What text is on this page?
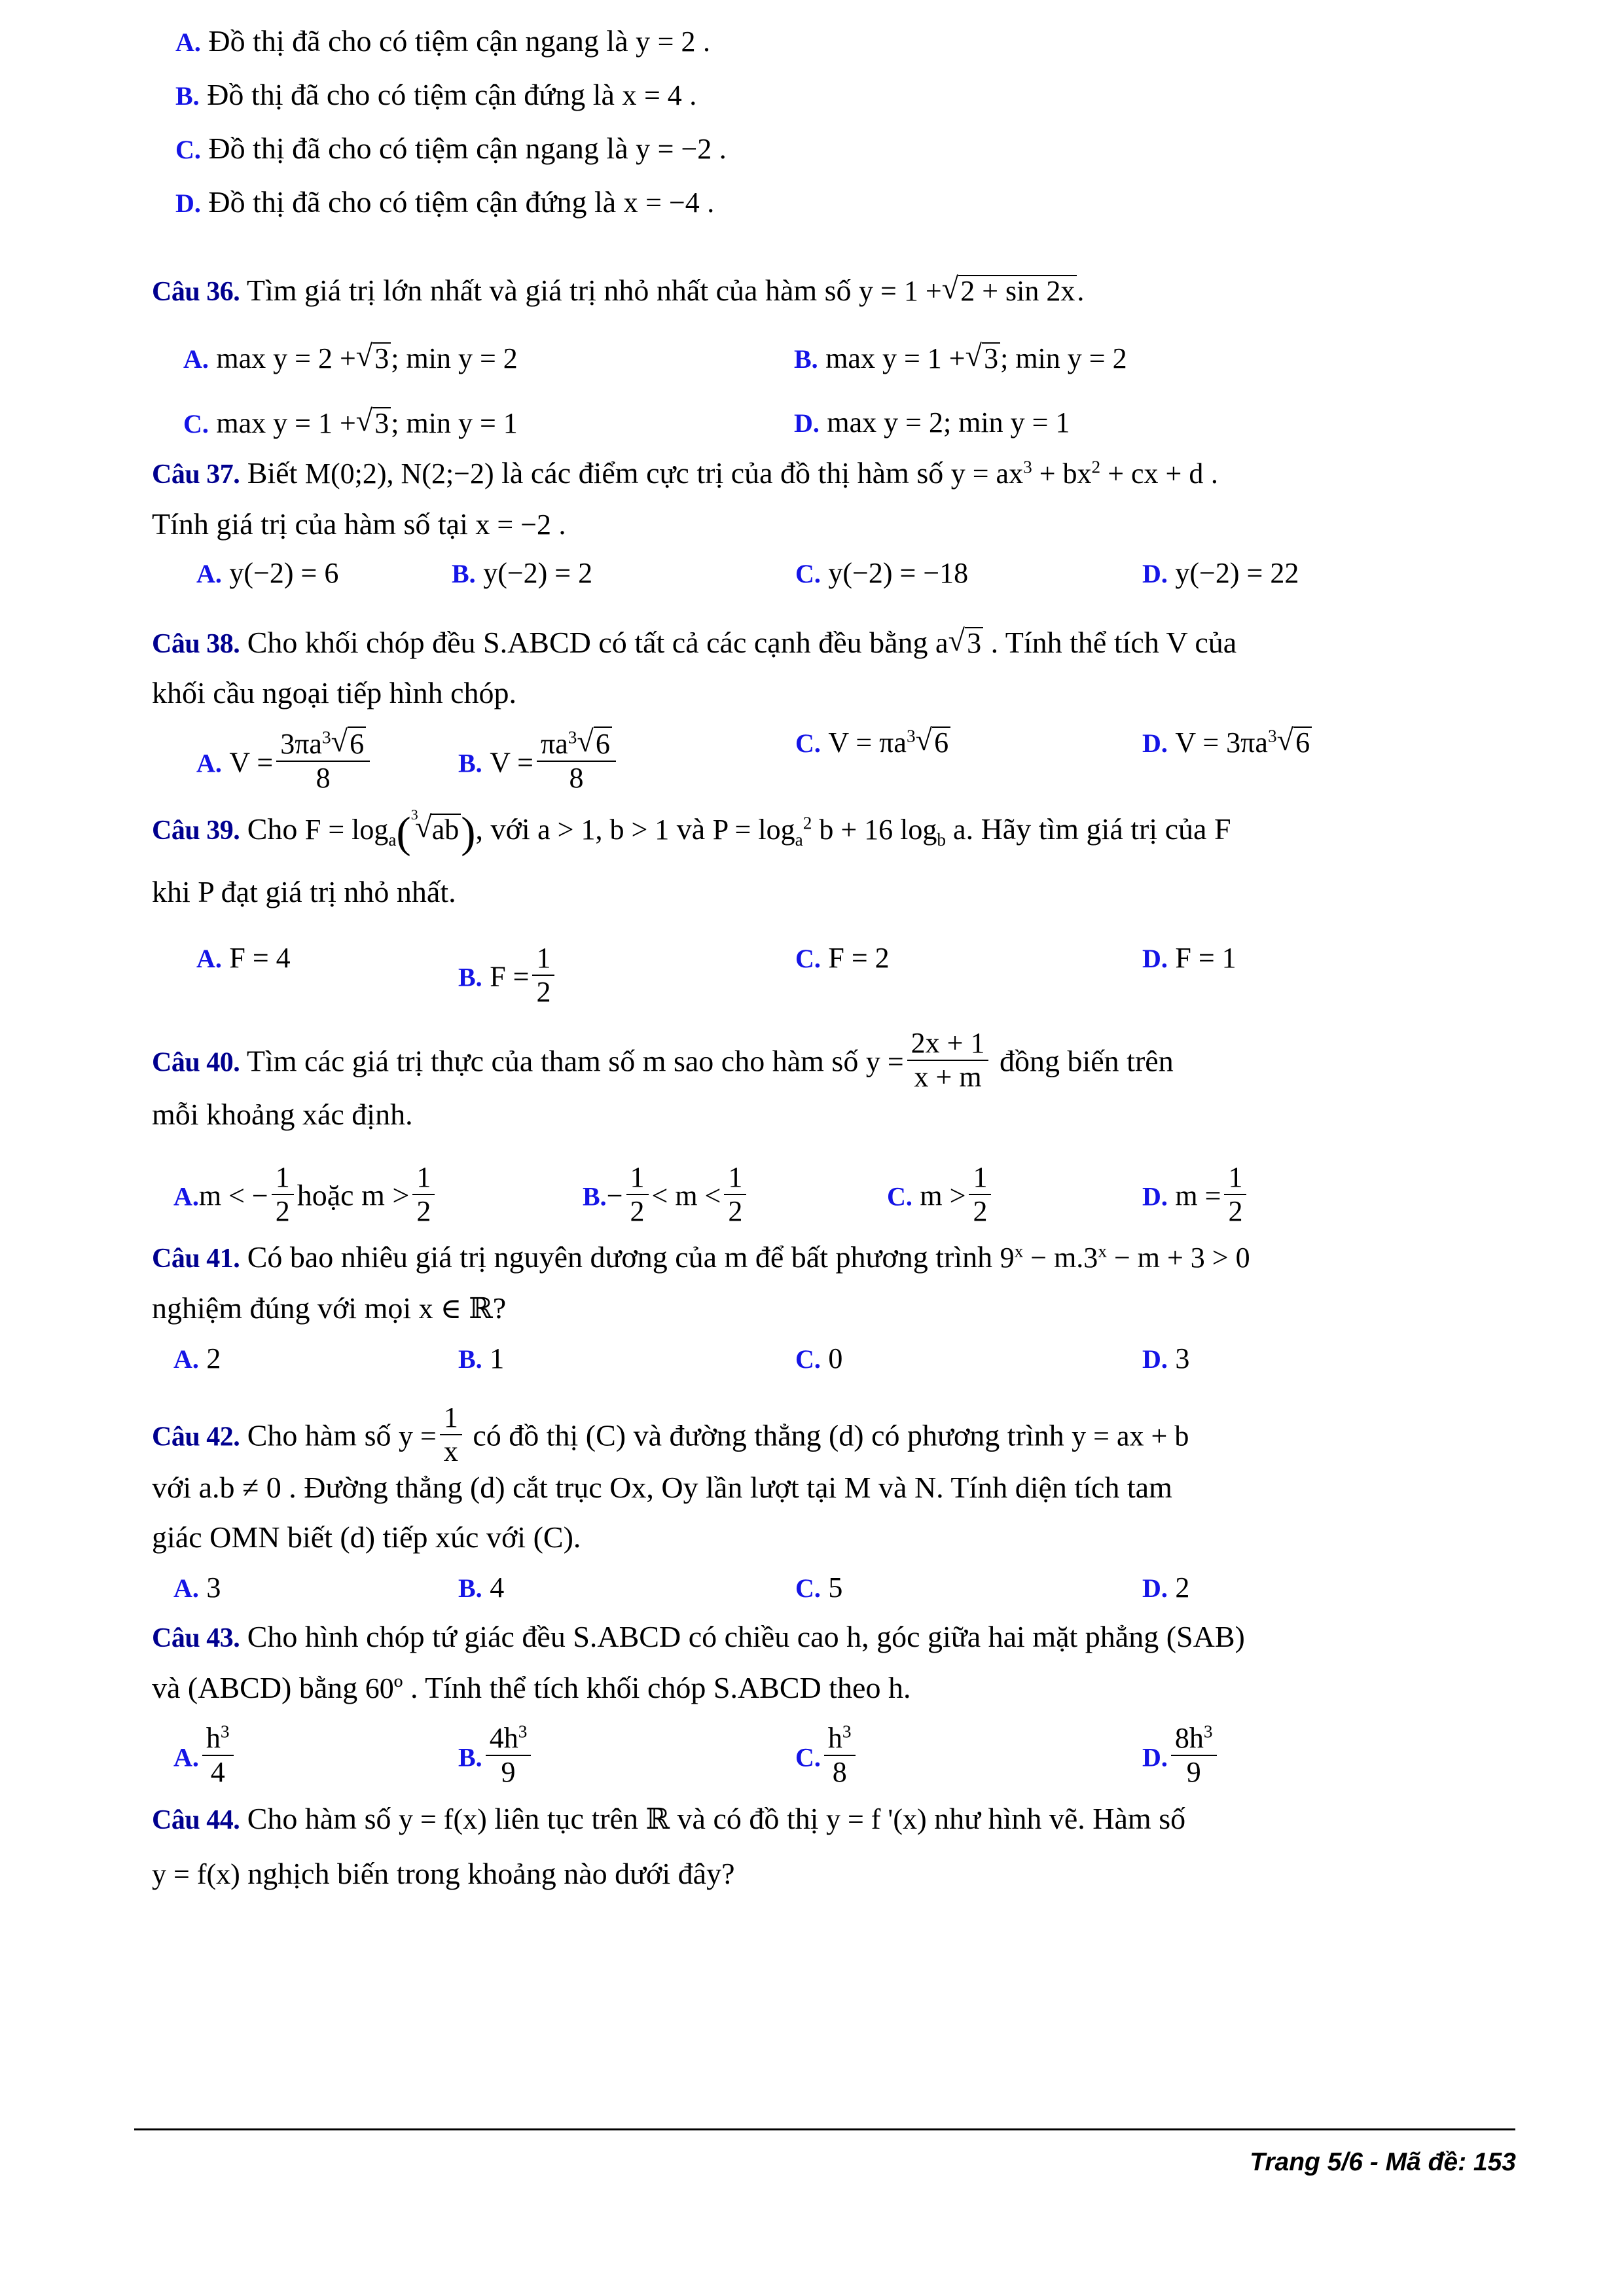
A. Đồ thị đã cho có tiệm cận ngang là y = 2 .
B. Đồ thị đã cho có tiệm cận đứng là x = 4 .
C. Đồ thị đã cho có tiệm cận ngang là y = −2 .
D. Đồ thị đã cho có tiệm cận đứng là x = −4 .
Câu 36. Tìm giá trị lớn nhất và giá trị nhỏ nhất của hàm số y = 1 + √ 2 + sin 2x.
A. max y = 2 + √ 3; min y = 2	B. max y = 1 + √ 3; min y = 2
C. max y = 1 + √ 3; min y = 1	D. max y = 2; min y = 1
Câu 37. Biết M(0;2), N(2;−2) là các điểm cực trị của đồ thị hàm số $y = ax^3 + bx^2$ + cx + d .
Tính giá trị của hàm số tại x = −2 .
A. y(−2) = 6	B. y(−2) = 2	C. y(−2) = −18	D. y(−2) = 22
Câu 38. Cho khối chóp đều S.ABCD có tất cả các cạnh đều bằng a √ 3 . Tính thể tích V của
khối cầu ngoại tiếp hình chóp.
A. $V = \frac{3\pi a^3 √ 6}{8}$	B. $V = \frac{\pi a^3 √ 6}{8}$	C. $V = \pi a^3$ √ 6	D. $V = 3\pi a^3$ √ 6
Câu 39. Cho $F = \log_a$( √ 3 ab), với a > 1, b > 1 và $P = \log_a^2 b + 16$ $\log_b a$. Hãy tìm giá trị của F
khi P đạt giá trị nhỏ nhất.
A. F = 4
B. $F = \frac{1}{2}$	C. F = 2	D. F = 1
Câu 40. Tìm các giá trị thực của tham số m sao cho hàm số $y = \frac{2x + 1}{x + m}$ đồng biến trên
mỗi khoảng xác định.
A.m < − $\frac{1}{2}$ hoặc $m > \frac{1}{2}$	$B.- \frac{1}{2} < m < \frac{1}{2}$	C. $m > \frac{1}{2}$	D. $m = \frac{1}{2}$
Câu 41. Có bao nhiêu giá trị nguyên dương của m để bất phương trình $9^x - m.3^x - m + 3 > 0$
nghiệm đúng với mọi x ∈ ℝ?
A. 2	B. 1	C. 0	D. 3
Câu 42. Cho hàm số $y = \frac{1}{x}$ có đồ thị (C) và đường thẳng (d) có phương trình y = ax + b
với a.b ≠ 0 . Đường thẳng (d) cắt trục Ox, Oy lần lượt tại M và N. Tính diện tích tam
giác OMN biết (d) tiếp xúc với (C).
A. 3	B. 4	C. 5	D. 2
Câu 43. Cho hình chóp tứ giác đều S.ABCD có chiều cao h, góc giữa hai mặt phẳng (SAB)
và (ABCD) bằng 60º . Tính thể tích khối chóp S.ABCD theo h.
A. $\frac{h^3}{4}$	B. $\frac{4h^3}{9}$	C. $\frac{h^3}{8}$	D. $\frac{8h^3}{9}$
Câu 44. Cho hàm số y = f(x) liên tục trên ℝ và có đồ thị y = f '(x) như hình vẽ. Hàm số
y = f(x) nghịch biến trong khoảng nào dưới đây?
Trang 5/6 - Mã đề: 153
